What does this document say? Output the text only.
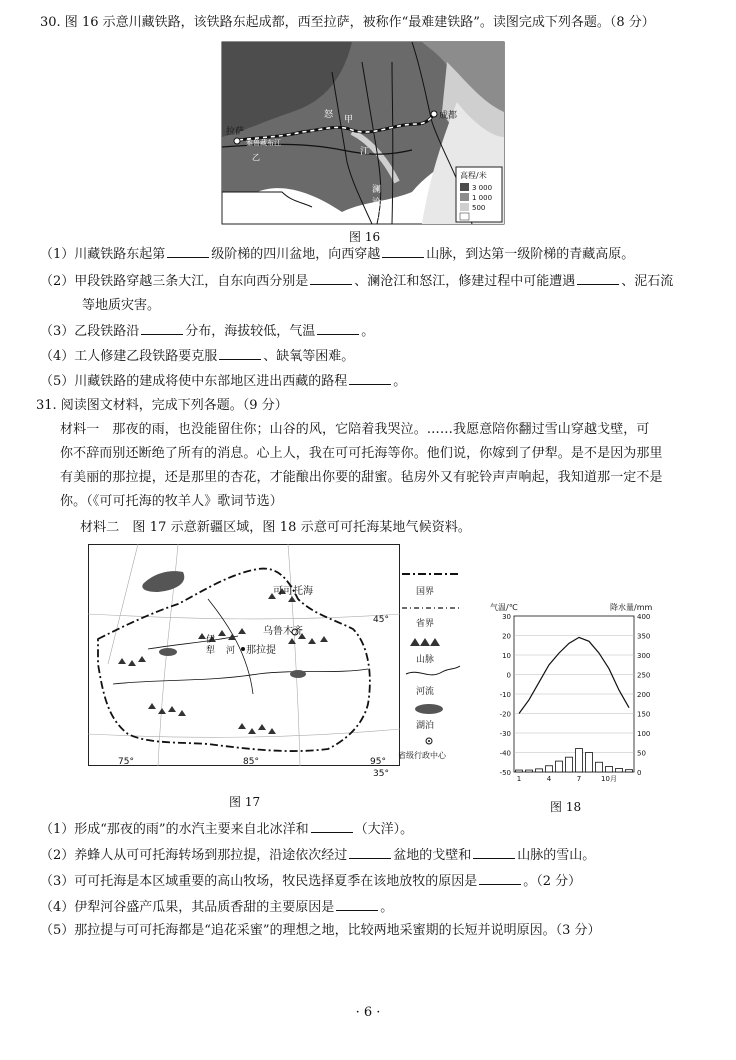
30. 图 16 示意川藏铁路，该铁路东起成都，西至拉萨，被称作“最难建铁路”。读图完成下列各题。（8 分）
拉萨
成都
甲
乙
怒
江
雅鲁藏布江
澜
沧
江
高程/米
3 000
1 000
500
图 16
（1）川藏铁路东起第	级阶梯的四川盆地，向西穿越	山脉，到达第一级阶梯的青藏高原。
（2）甲段铁路穿越三条大江，自东向西分别是	、澜沧江和怒江，修建过程中可能遭遇	、泥石流
等地质灾害。
（3）乙段铁路沿	分布，海拔较低，气温	。
（4）工人修建乙段铁路要克服	、缺氧等困难。
（5）川藏铁路的建成将使中东部地区进出西藏的路程	。
31. 阅读图文材料，完成下列各题。（9 分）
材料一　那夜的雨，也没能留住你；山谷的风，它陪着我哭泣。……我愿意陪你翻过雪山穿越戈壁，可
你不辞而别还断绝了所有的消息。心上人，我在可可托海等你。他们说，你嫁到了伊犁。是不是因为那里
有美丽的那拉提，还是那里的杏花，才能酿出你要的甜蜜。毡房外又有驼铃声声响起，我知道那一定不是
你。（《可可托海的牧羊人》歌词节选）
材料二　图 17 示意新疆区域，图 18 示意可可托海某地气候资料。
可可托海
乌鲁木齐
伊
犁 河 那拉提
45°
35°
75°	85°	95°
图 17
国界
省界
山脉
河流
湖泊
省级行政中心
气温/℃	降水量/mm
30
20
10
0
-10
-20
-30
-40
-50
400
350
300
250
200
150
100
50
0
1	4	7	10月
图 18
（1）形成“那夜的雨”的水汽主要来自北冰洋和	（大洋）。
（2）养蜂人从可可托海转场到那拉提，沿途依次经过	盆地的戈壁和	山脉的雪山。
（3）可可托海是本区域重要的高山牧场，牧民选择夏季在该地放牧的原因是	。（2 分）
（4）伊犁河谷盛产瓜果，其品质香甜的主要原因是	。
（5）那拉提与可可托海都是“追花采蜜”的理想之地，比较两地采蜜期的长短并说明原因。（3 分）
· 6 ·
